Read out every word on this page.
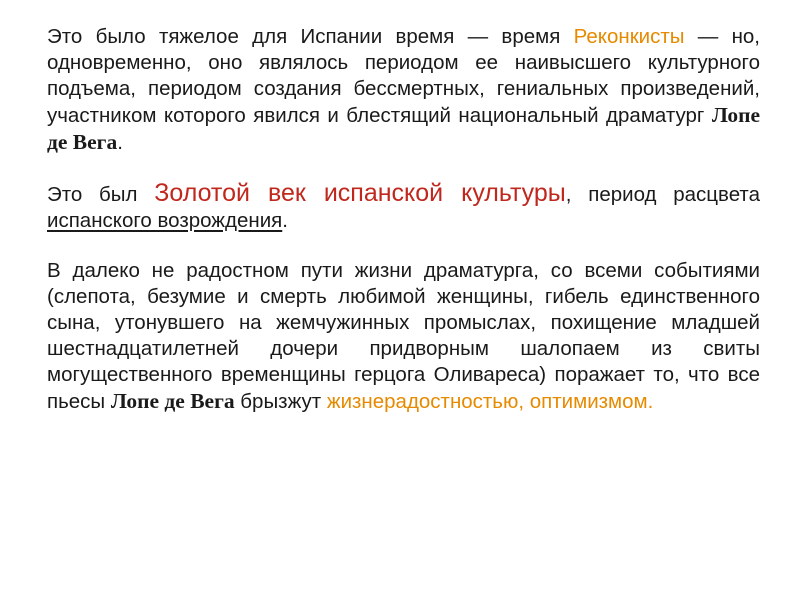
Это было тяжелое для Испании время — время Реконкисты — но, одновременно, оно являлось периодом ее наивысшего культурного подъема, периодом создания бессмертных, гениальных произведений, участником которого явился и блестящий национальный драматург Лопе де Вега.

Это был Золотой век испанской культуры, период расцвета испанского возрождения.

В далеко не радостном пути жизни драматурга, со всеми событиями (слепота, безумие и смерть любимой женщины, гибель единственного сына, утонувшего на жемчужинных промыслах, похищение младшей шестнадцатилетней дочери придворным шалопаем из свиты могущественного временщины герцога Оливареса) поражает то, что все пьесы Лопе де Вега брызжут жизнерадостностью, оптимизмом.
